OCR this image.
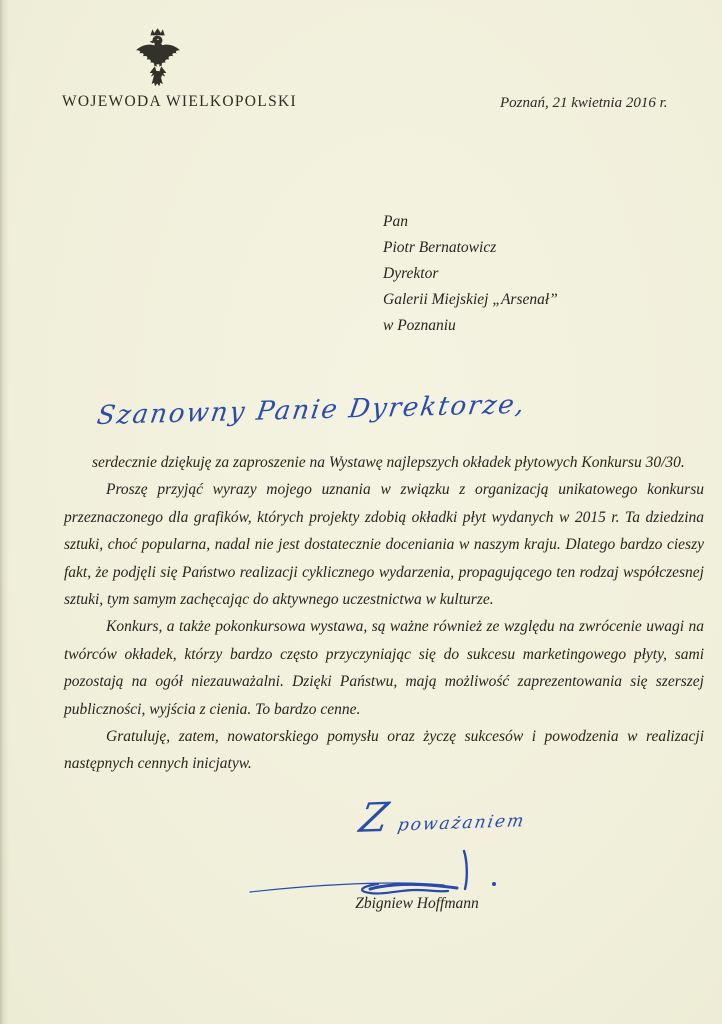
WOJEWODA WIELKOPOLSKI	Poznań, 21 kwietnia 2016 r.
Pan
Piotr Bernatowicz
Dyrektor
Galerii Miejskiej „Arsenał”
w Poznaniu
Szanowny Panie Dyrektorze,

serdecznie dziękuję za zaproszenie na Wystawę najlepszych okładek płytowych Konkursu 30/30.

Proszę przyjąć wyrazy mojego uznania w związku z organizacją unikatowego konkursu przeznaczonego dla grafików, których projekty zdobią okładki płyt wydanych w 2015 r. Ta dziedzina sztuki, choć popularna, nadal nie jest dostatecznie doceniania w naszym kraju. Dlatego bardzo cieszy fakt, że podjęli się Państwo realizacji cyklicznego wydarzenia, propagującego ten rodzaj współczesnej sztuki, tym samym zachęcając do aktywnego uczestnictwa w kulturze.

Konkurs, a także pokonkursowa wystawa, są ważne również ze względu na zwrócenie uwagi na twórców okładek, którzy bardzo często przyczyniając się do sukcesu marketingowego płyty, sami pozostają na ogół niezauważalni. Dzięki Państwu, mają możliwość zaprezentowania się szerszej publiczności, wyjścia z cienia. To bardzo cenne.

Gratuluję, zatem, nowatorskiego pomysłu oraz życzę sukcesów i powodzenia w realizacji następnych cennych inicjatyw.

Z poważaniem
Zbigniew Hoffmann
